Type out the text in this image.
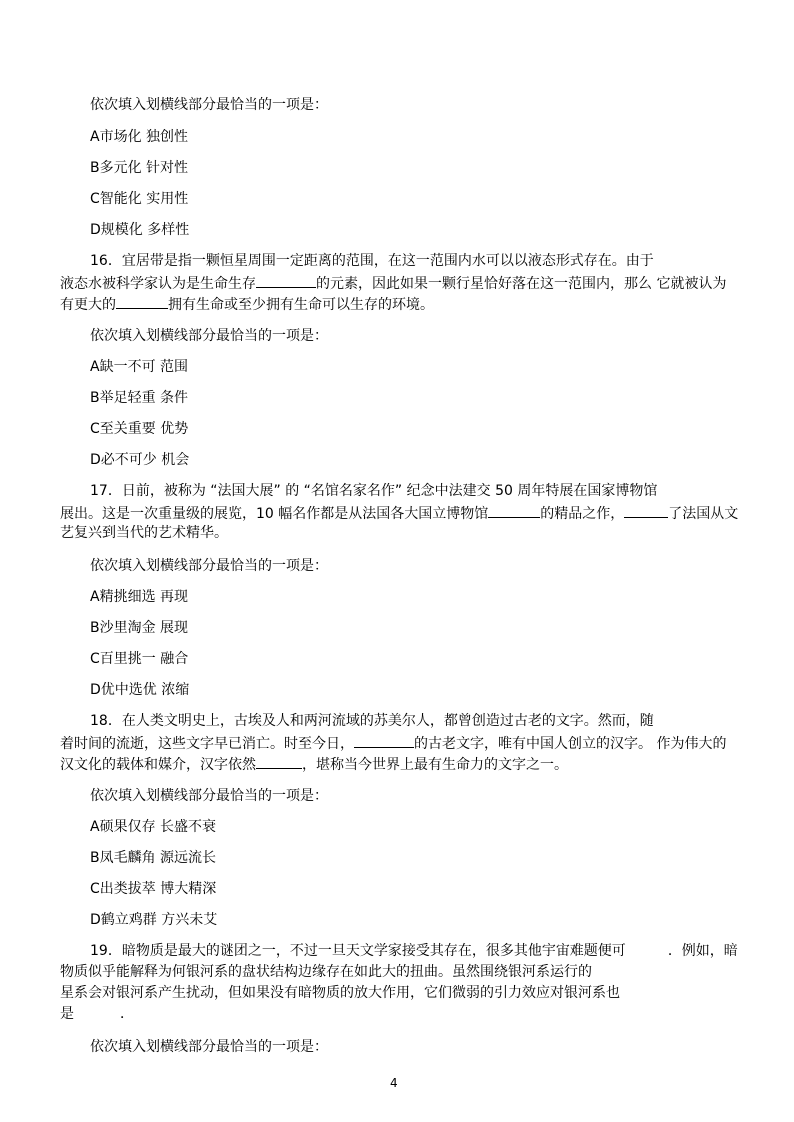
依次填入划横线部分最恰当的一项是：
A市场化 独创性
B多元化 针对性
C智能化 实用性
D规模化 多样性
16．宜居带是指一颗恒星周围一定距离的范围，在这一范围内水可以以液态形式存在。由于
液态水被科学家认为是生命生存	的元素，因此如果一颗行星恰好落在这一范围内，那么 它就被认为
有更大的	拥有生命或至少拥有生命可以生存的环境。
依次填入划横线部分最恰当的一项是：
A缺一不可 范围
B举足轻重 条件
C至关重要 优势
D必不可少 机会
17．日前，被称为 “法国大展” 的 “名馆名家名作” 纪念中法建交 50 周年特展在国家博物馆
展出。这是一次重量级的展览，10 幅名作都是从法国各大国立博物馆	的精品之作，	了法国从文
艺复兴到当代的艺术精华。
依次填入划横线部分最恰当的一项是：
A精挑细选 再现
B沙里淘金 展现
C百里挑一 融合
D优中选优 浓缩
18．在人类文明史上，古埃及人和两河流域的苏美尔人，都曾创造过古老的文字。然而，随
着时间的流逝，这些文字早已消亡。时至今日，	的古老文字，唯有中国人创立的汉字。 作为伟大的
汉文化的载体和媒介，汉字依然	，堪称当今世界上最有生命力的文字之一。
依次填入划横线部分最恰当的一项是：
A硕果仅存 长盛不衰
B凤毛麟角 源远流长
C出类拔萃 博大精深
D鹤立鸡群 方兴未艾
19．暗物质是最大的谜团之一，不过一旦天文学家接受其存在，很多其他宇宙难题便可	．例如，暗
物质似乎能解释为何银河系的盘状结构边缘存在如此大的扭曲。虽然围绕银河系运行的
星系会对银河系产生扰动，但如果没有暗物质的放大作用，它们微弱的引力效应对银河系也
是	．
依次填入划横线部分最恰当的一项是：
4
